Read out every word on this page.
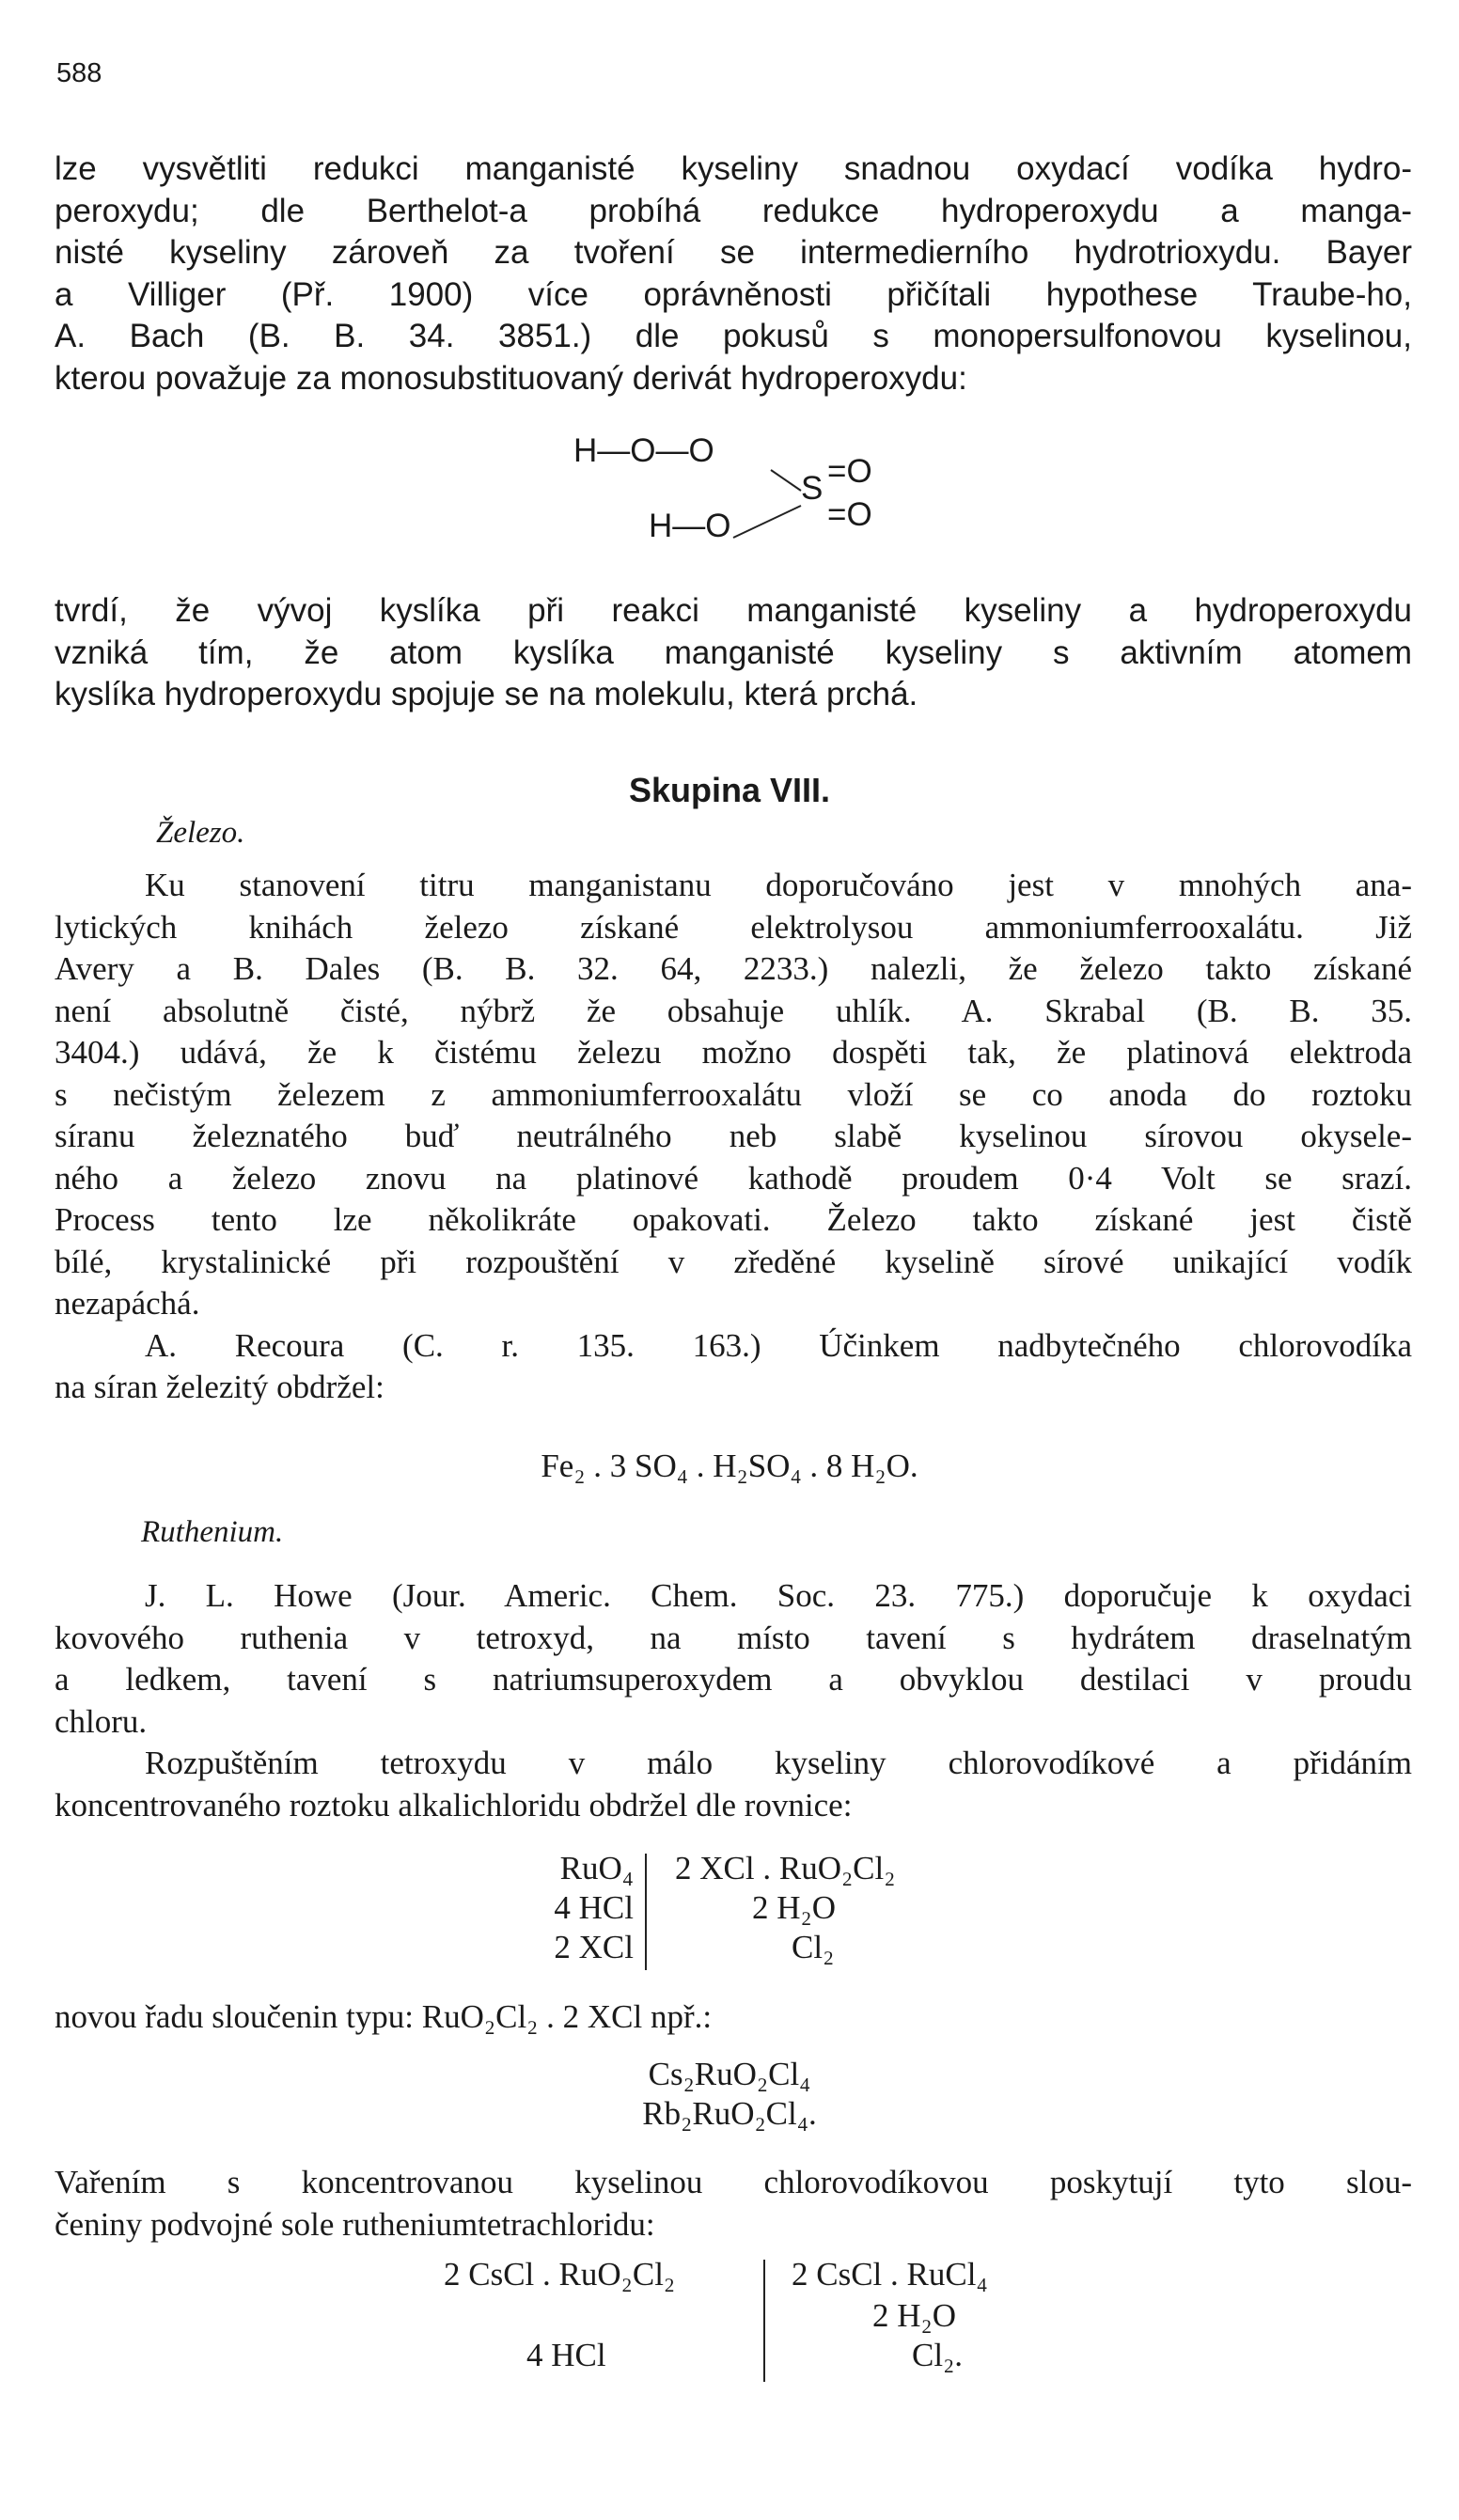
588
lze vysvětliti redukci manganisté kyseliny snadnou oxydací vodíka hydro-
peroxydu; dle Berthelot-a probíhá redukce hydroperoxydu a manga-
nisté kyseliny zároveň za tvoření se intermedierního hydrotrioxydu. Bayer
a Villiger (Př. 1900) více oprávněnosti přičítali hypothese Traube-ho,
A. Bach (B. B. 34. 3851.) dle pokusů s monopersulfonovou kyselinou,
kterou považuje za monosubstituovaný derivát hydroperoxydu:
H—O—O
H—O
S =O
=O
tvrdí, že vývoj kyslíka při reakci manganisté kyseliny a hydroperoxydu
vzniká tím, že atom kyslíka manganisté kyseliny s aktivním atomem
kyslíka hydroperoxydu spojuje se na molekulu, která prchá.
Skupina VIII.
Železo.
Ku stanovení titru manganistanu doporučováno jest v mnohých ana-
lytických knihách železo získané elektrolysou ammoniumferrooxalátu. Již
Avery a B. Dales (B. B. 32. 64, 2233.) nalezli, že železo takto získané
není absolutně čisté, nýbrž že obsahuje uhlík. A. Skrabal (B. B. 35.
3404.) udává, že k čistému železu možno dospěti tak, že platinová elektroda
s nečistým železem z ammoniumferrooxalátu vloží se co anoda do roztoku
síranu železnatého buď neutrálného neb slabě kyselinou sírovou okysele-
ného a železo znovu na platinové kathodě proudem 0·4 Volt se srazí.
Process tento lze několikráte opakovati. Železo takto získané jest čistě
bílé, krystalinické při rozpouštění v zředěné kyselině sírové unikající vodík
nezapáchá.
A. Recoura (C. r. 135. 163.) Účinkem nadbytečného chlorovodíka
na síran železitý obdržel:
Fe₂ . 3 SO₄ . H₂SO₄ . 8 H₂O.
Ruthenium.
J. L. Howe (Jour. Americ. Chem. Soc. 23. 775.) doporučuje k oxydaci
kovového ruthenia v tetroxyd, na místo tavení s hydrátem draselnatým
a ledkem, tavení s natriumsuperoxydem a obvyklou destilaci v proudu
chloru.
Rozpuštěním tetroxydu v málo kyseliny chlorovodíkové a přidáním
koncentrovaného roztoku alkalichloridu obdržel dle rovnice:
RuO₄
4 HCl
2 XCl
2 XCl . RuO₂Cl₂
2 H₂O
Cl₂
novou řadu sloučenin typu: RuO₂Cl₂ . 2 XCl npř.:
Cs₂RuO₂Cl₄
Rb₂RuO₂Cl₄.
Vařením s koncentrovanou kyselinou chlorovodíkovou poskytují tyto slou-
čeniny podvojné sole rutheniumtetrachloridu:
2 CsCl . RuO₂Cl₂
4 HCl
2 CsCl . RuCl₄
2 H₂O
Cl₂.
